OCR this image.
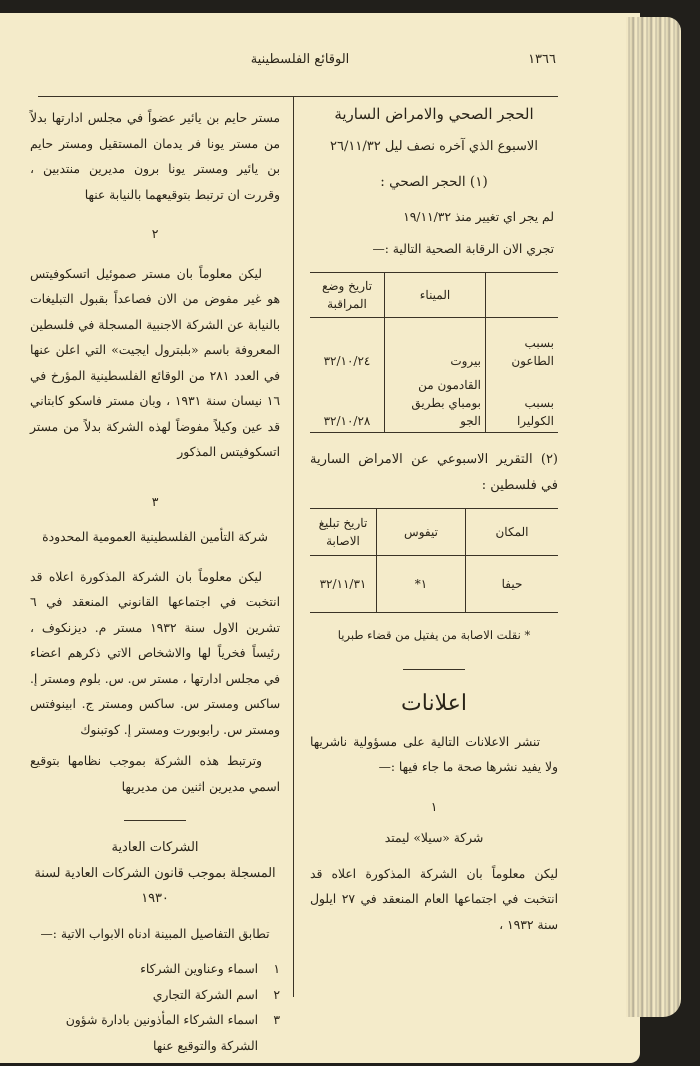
١٣٦٦
الوقائع الفلسطينية
الحجر الصحي والامراض السارية

الاسبوع الذي آخره نصف ليل ٢٦/١١/٣٢

(١) الحجر الصحي :

لم يجر اي تغيير منذ ١٩/١١/٣٢

تجري الان الرقابة الصحية التالية :—

	الميناء	تاريخ وضع المراقبة
بسبب الطاعون	بيروت	٣٢/١٠/٢٤
بسبب الكوليرا	القادمون من بومباي بطريق الجو	٣٢/١٠/٢٨

(٢) التقرير الاسبوعي عن الامراض السارية في فلسطين :

المكان	تيفوس	تاريخ تبليغ الاصابة
حيفا	١*	٣٢/١١/٣١

* نقلت الاصابة من يفتيل من قضاء طبريا

اعلانات

تنشر الاعلانات التالية على مسؤولية ناشريها ولا يفيد نشرها صحة ما جاء فيها :—

١

شركة «سيلا» ليمتد

ليكن معلوماً بان الشركة المذكورة اعلاه قد انتخبت في اجتماعها العام المنعقد في ٢٧ ايلول سنة ١٩٣٢ ،

مستر حايم بن يائير عضواً في مجلس ادارتها بدلاً من مستر يونا فر يدمان المستقيل ومستر حايم بن يائير ومستر يونا برون مديرين منتدبين ، وقررت ان ترتبط بتوقيعهما بالنيابة عنها

٢

ليكن معلوماً بان مستر صموئيل اتسكوفيتس هو غير مفوض من الان فصاعداً بقبول التبليغات بالنيابة عن الشركة الاجنبية المسجلة في فلسطين المعروفة باسم «بلبترول ايجيت» التي اعلن عنها في العدد ٢٨١ من الوقائع الفلسطينية المؤرخ في ١٦ نيسان سنة ١٩٣١ ، وبان مستر فاسكو كابتاني قد عين وكيلاً مفوضاً لهذه الشركة بدلاً من مستر اتسكوفيتس المذكور

٣

شركة التأمين الفلسطينية العمومية المحدودة

ليكن معلوماً بان الشركة المذكورة اعلاه قد انتخبت في اجتماعها القانوني المنعقد في ٦ تشرين الاول سنة ١٩٣٢ مستر م. ديزنكوف ، رئيساً فخرياً لها والاشخاص الاتي ذكرهم اعضاء في مجلس ادارتها ، مستر س. س. بلوم ومستر إ. ساكس ومستر س. ساكس ومستر ج. ابينوفتس ومستر س. رابوبورت ومستر إ. كوتبنوك

وترتبط هذه الشركة بموجب نظامها بتوقيع اسمي مديرين اثنين من مديريها

الشركات العادية

المسجلة بموجب قانون الشركات العادية لسنة ١٩٣٠

تطابق التفاصيل المبينة ادناه الابواب الاتية :—

١
اسماء وعناوين الشركاء
٢
اسم الشركة التجاري
٣
اسماء الشركاء المأذونين بادارة شؤون الشركة والتوقيع عنها
